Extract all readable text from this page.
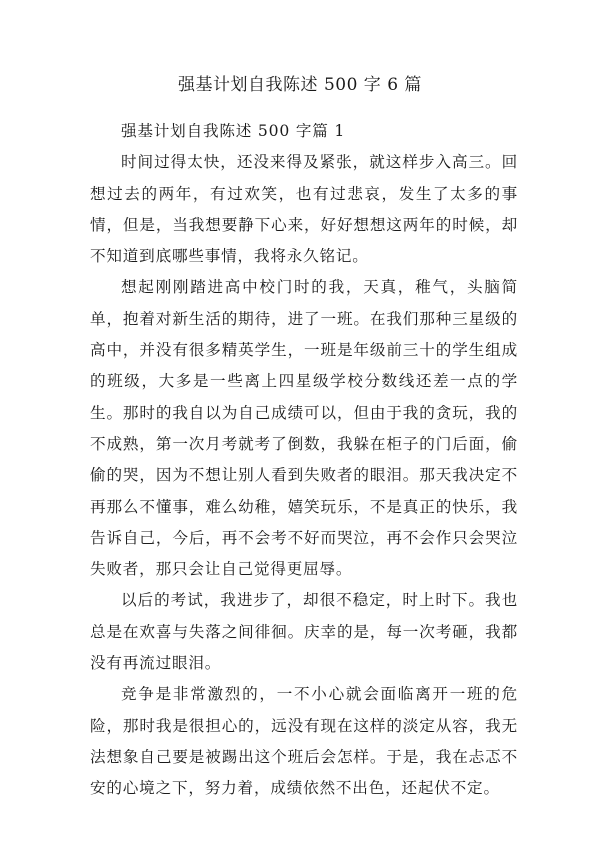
强基计划自我陈述 500 字 6 篇
强基计划自我陈述 500 字篇 1

时间过得太快，还没来得及紧张，就这样步入高三。回想过去的两年，有过欢笑，也有过悲哀，发生了太多的事情，但是，当我想要静下心来，好好想想这两年的时候，却不知道到底哪些事情，我将永久铭记。

想起刚刚踏进高中校门时的我，天真，稚气，头脑简单，抱着对新生活的期待，进了一班。在我们那种三星级的高中，并没有很多精英学生，一班是年级前三十的学生组成的班级，大多是一些离上四星级学校分数线还差一点的学生。那时的我自以为自己成绩可以，但由于我的贪玩，我的不成熟，第一次月考就考了倒数，我躲在柜子的门后面，偷偷的哭，因为不想让别人看到失败者的眼泪。那天我决定不再那么不懂事，难么幼稚，嬉笑玩乐，不是真正的快乐，我告诉自己，今后，再不会考不好而哭泣，再不会作只会哭泣失败者，那只会让自己觉得更屈辱。

以后的考试，我进步了，却很不稳定，时上时下。我也总是在欢喜与失落之间徘徊。庆幸的是，每一次考砸，我都没有再流过眼泪。

竞争是非常激烈的，一不小心就会面临离开一班的危险，那时我是很担心的，远没有现在这样的淡定从容，我无法想象自己要是被踢出这个班后会怎样。于是，我在忐忑不安的心境之下，努力着，成绩依然不出色，还起伏不定。
